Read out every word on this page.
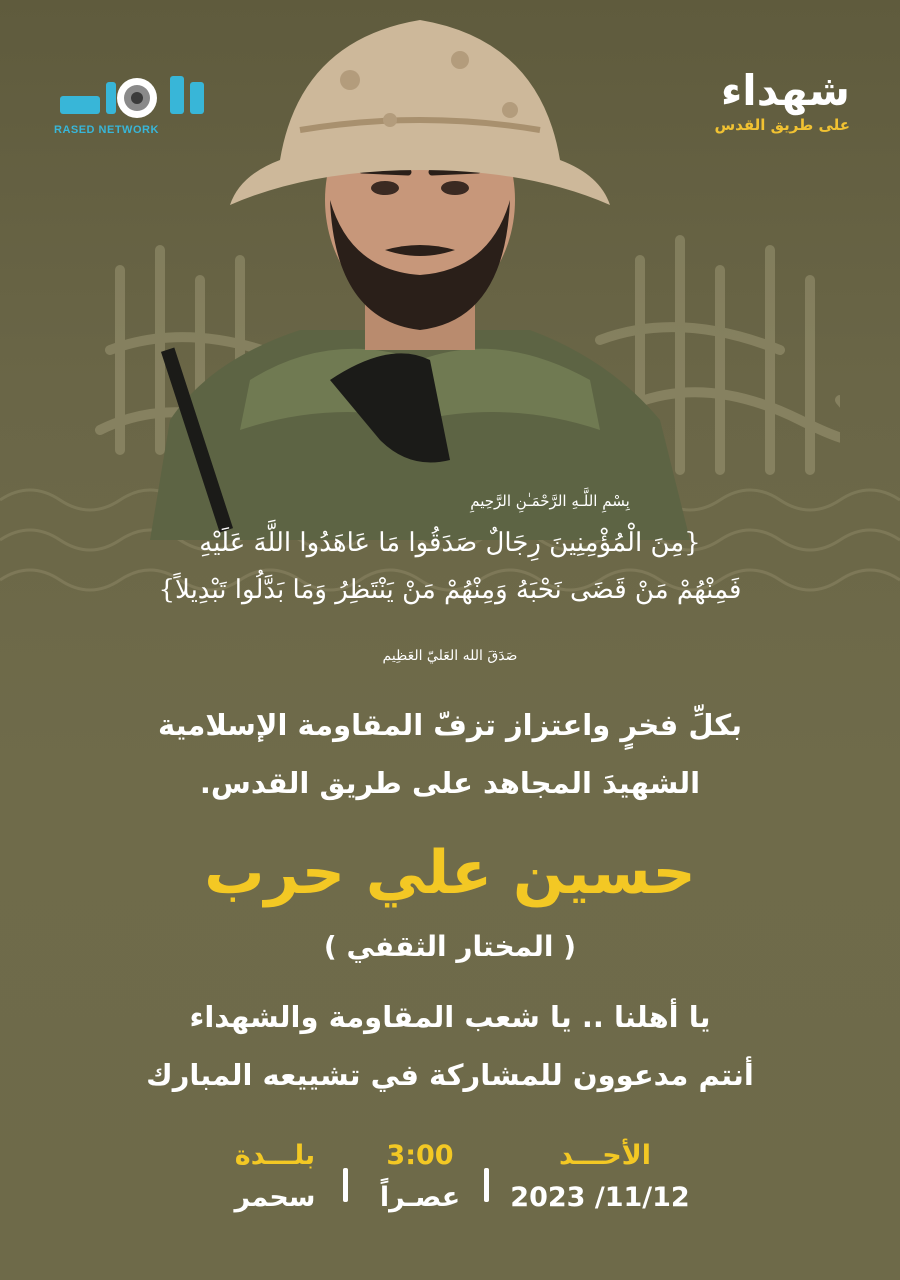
RASED NETWORK
شهداء
على طريق القدس
بِسْمِ اللَّـهِ الرَّحْمَـٰنِ الرَّحِيمِ
{مِنَ الْمُؤْمِنِينَ رِجَالٌ صَدَقُوا مَا عَاهَدُوا اللَّهَ عَلَيْهِ
فَمِنْهُمْ مَنْ قَضَى نَحْبَهُ وَمِنْهُمْ مَنْ يَنْتَظِرُ وَمَا بَدَّلُوا تَبْدِيلاً}
صَدَقَ الله العَليّ العَظِيم
بكلِّ فخرٍ واعتزاز تزفّ المقاومة الإسلامية
الشهيدَ المجاهد على طريق القدس.
حسين علي حرب
( المختار الثقفي )
يا أهلنا .. يا شعب المقاومة والشهداء
أنتم مدعوون للمشاركة في تشييعه المبارك
الأحـــد
2023 /11/12
3:00
عصـراً
بلـــدة
سحمر
